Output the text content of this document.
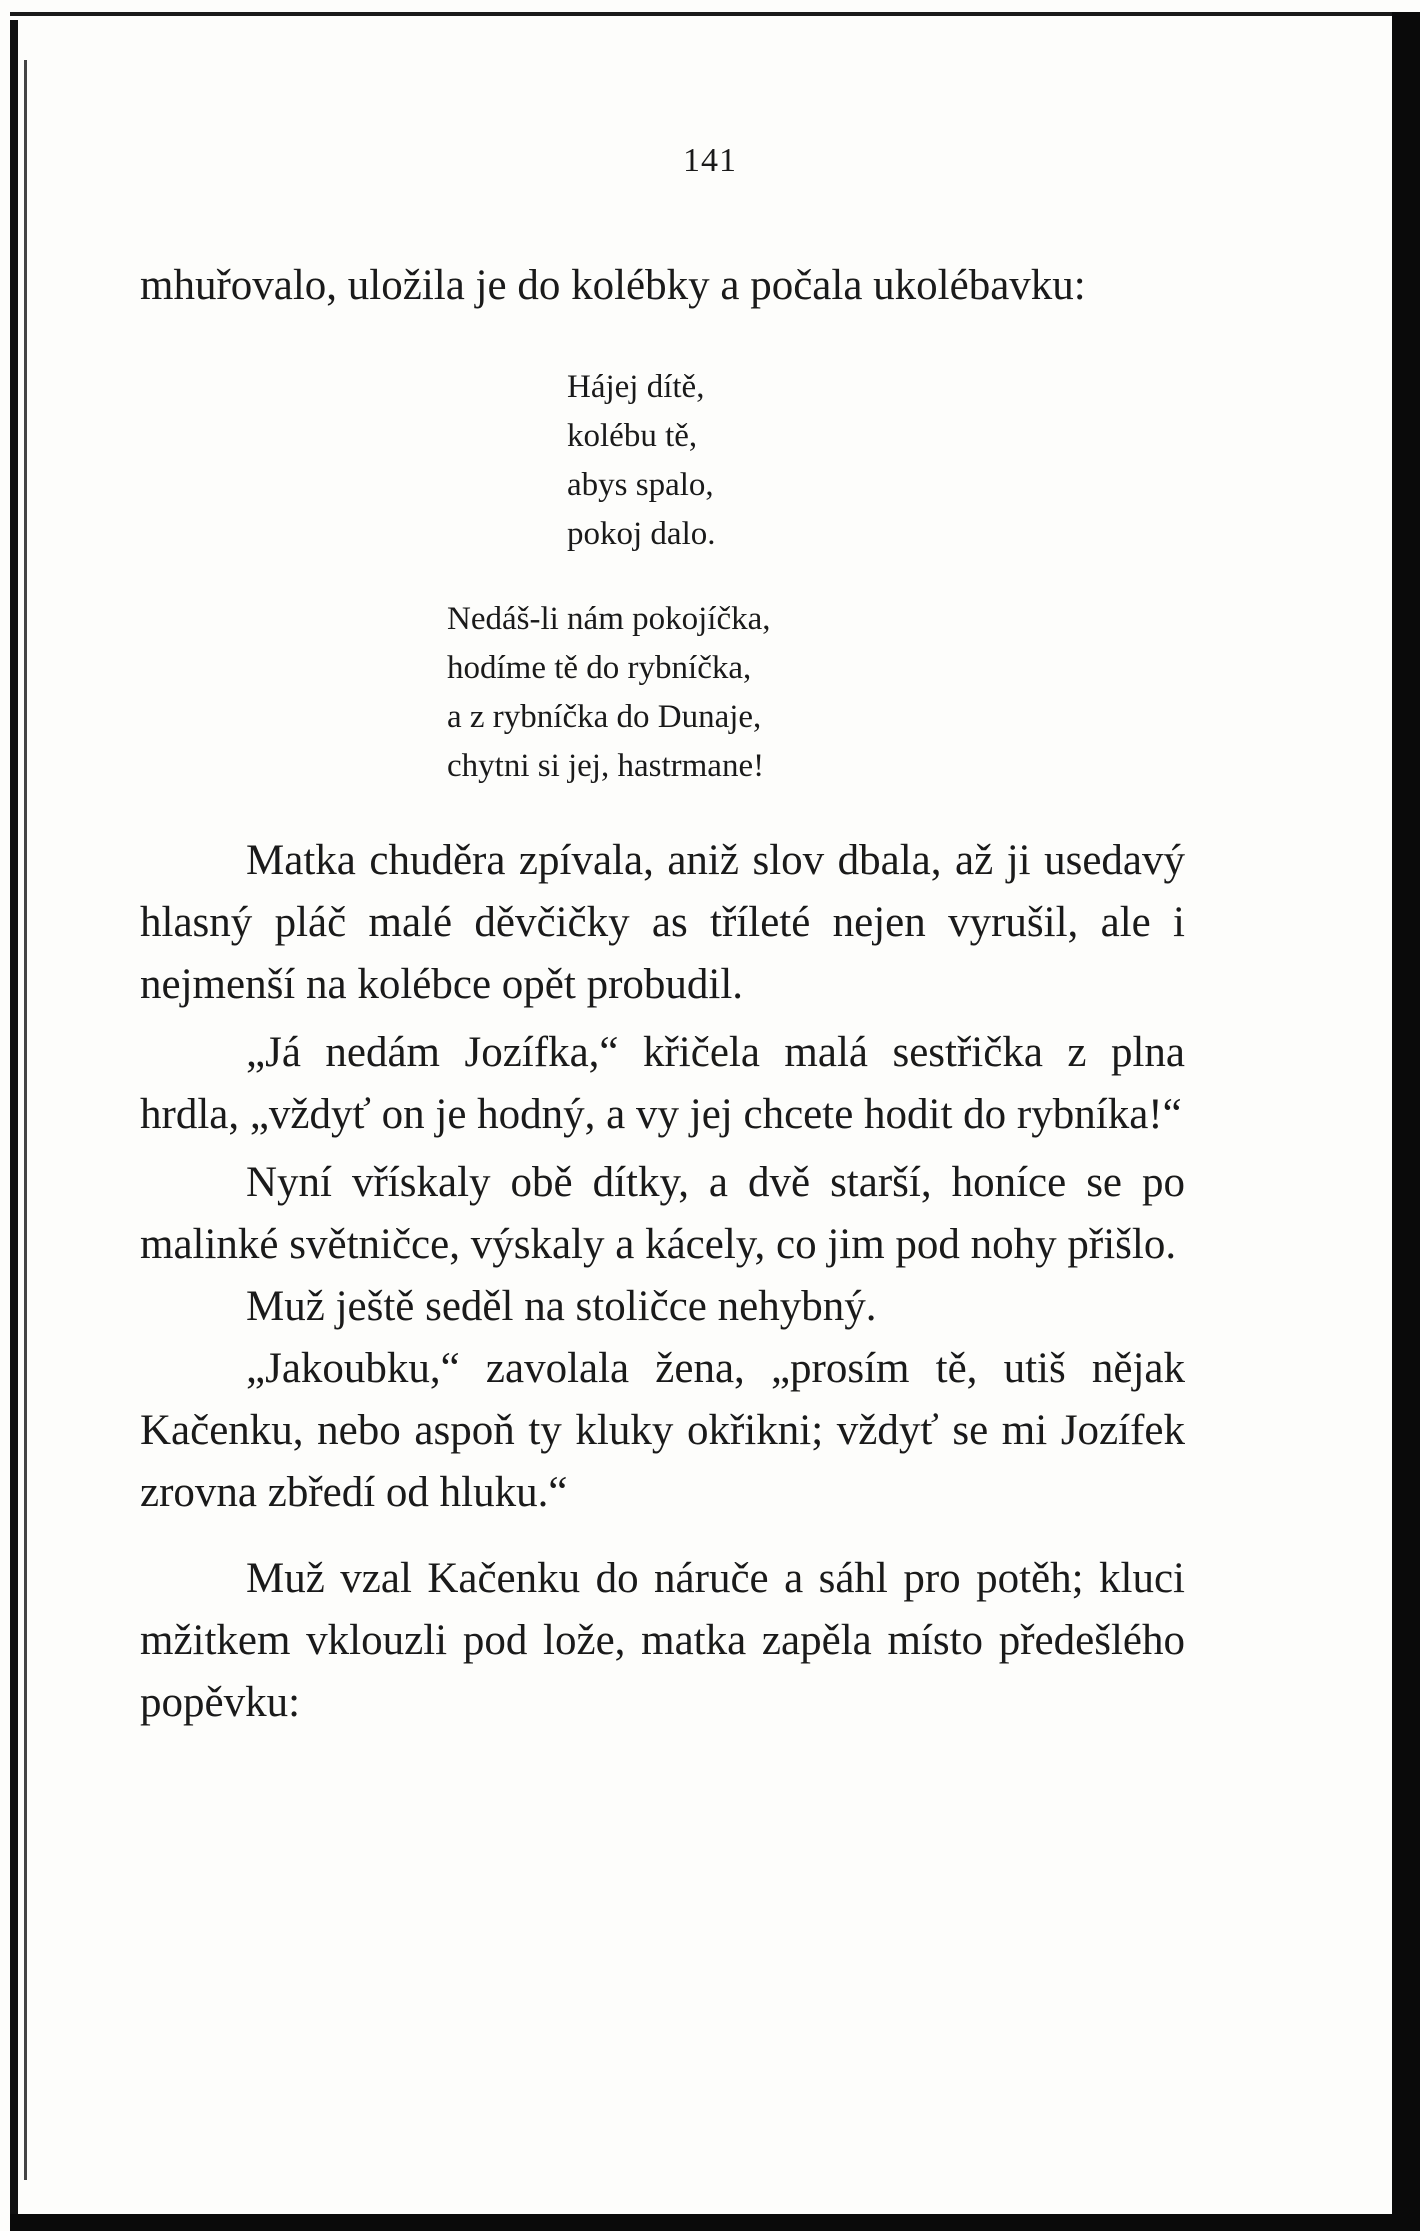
141

mhuřovalo, uložila je do kolébky a počala ukolébavku:

Hájej dítě,
kolébu tě,
abys spalo,
pokoj dalo.
Nedáš-li nám pokojíčka,
hodíme tě do rybníčka,
a z rybníčka do Dunaje,
chytni si jej, hastrmane!

Matka chuděra zpívala, aniž slov dbala, až ji usedavý hlasný pláč malé děvčičky as tříleté nejen vyrušil, ale i nejmenší na kolébce opět probudil.

„Já nedám Jozífka,“ křičela malá sestřička z plna hrdla, „vždyť on je hodný, a vy jej chcete hodit do rybníka!“

Nyní vřískaly obě dítky, a dvě starší, honíce se po malinké světničce, výskaly a kácely, co jim pod nohy přišlo.

Muž ještě seděl na stoličce nehybný.

„Jakoubku,“ zavolala žena, „prosím tě, utiš nějak Kačenku, nebo aspoň ty kluky okřikni; vždyť se mi Jozífek zrovna zbředí od hluku.“

Muž vzal Kačenku do náruče a sáhl pro potěh; kluci mžitkem vklouzli pod lože, matka zapěla místo předešlého popěvku:
